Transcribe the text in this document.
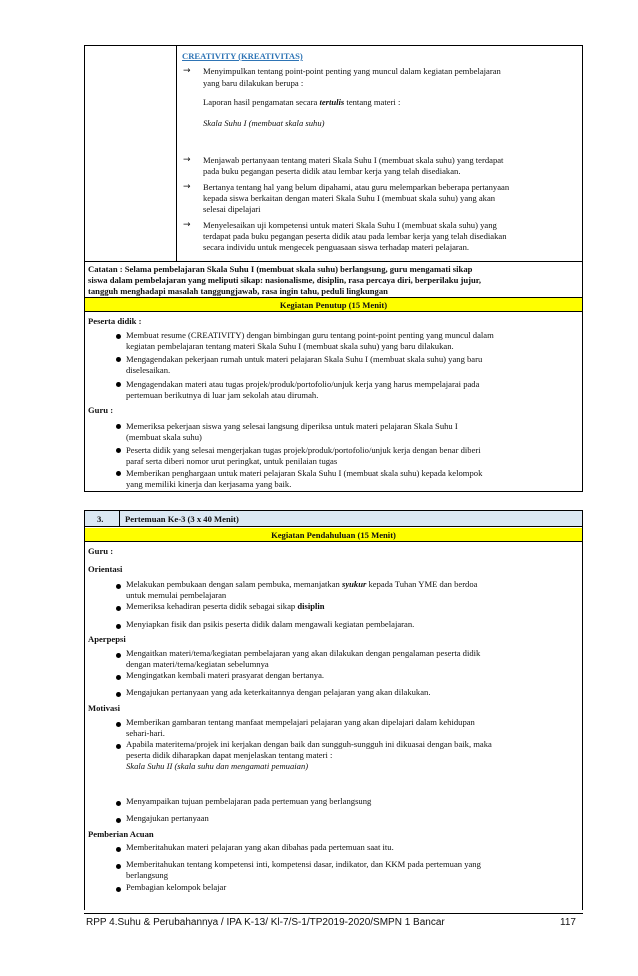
CREATIVITY (KREATIVITAS)
→ Menyimpulkan tentang point-point penting yang muncul dalam kegiatan pembelajaran
yang baru dilakukan berupa :
Laporan hasil pengamatan secara tertulis tentang materi :
Skala Suhu I (membuat skala suhu)
→ Menjawab pertanyaan tentang materi Skala Suhu I (membuat skala suhu) yang terdapat
pada buku pegangan peserta didik atau lembar kerja yang telah disediakan.
→ Bertanya tentang hal yang belum dipahami, atau guru melemparkan beberapa pertanyaan
kepada siswa berkaitan dengan materi Skala Suhu I (membuat skala suhu) yang akan
selesai dipelajari
→ Menyelesaikan uji kompetensi untuk materi Skala Suhu I (membuat skala suhu) yang
terdapat pada buku pegangan peserta didik atau pada lembar kerja yang telah disediakan
secara individu untuk mengecek penguasaan siswa terhadap materi pelajaran.
Catatan : Selama pembelajaran Skala Suhu I (membuat skala suhu) berlangsung, guru mengamati sikap
siswa dalam pembelajaran yang meliputi sikap: nasionalisme, disiplin, rasa percaya diri, berperilaku jujur,
tangguh menghadapi masalah tanggungjawab, rasa ingin tahu, peduli lingkungan
Kegiatan Penutup (15 Menit)
Peserta didik :
Membuat resume (CREATIVITY) dengan bimbingan guru tentang point-point penting yang muncul dalam
kegiatan pembelajaran tentang materi Skala Suhu I (membuat skala suhu) yang baru dilakukan.
Mengagendakan pekerjaan rumah untuk materi pelajaran Skala Suhu I (membuat skala suhu) yang baru
diselesaikan.
Mengagendakan materi atau tugas projek/produk/portofolio/unjuk kerja yang harus mempelajarai pada
pertemuan berikutnya di luar jam sekolah atau dirumah.
Guru :
Memeriksa pekerjaan siswa yang selesai langsung diperiksa untuk materi pelajaran Skala Suhu I
(membuat skala suhu)
Peserta didik yang selesai mengerjakan tugas projek/produk/portofolio/unjuk kerja dengan benar diberi
paraf serta diberi nomor urut peringkat, untuk penilaian tugas
Memberikan penghargaan untuk materi pelajaran Skala Suhu I (membuat skala suhu) kepada kelompok
yang memiliki kinerja dan kerjasama yang baik.
3.	Pertemuan Ke-3 (3 x 40 Menit)
Kegiatan Pendahuluan (15 Menit)
Guru :
Orientasi
Melakukan pembukaan dengan salam pembuka, memanjatkan syukur kepada Tuhan YME dan berdoa
untuk memulai pembelajaran
Memeriksa kehadiran peserta didik sebagai sikap disiplin
Menyiapkan fisik dan psikis peserta didik dalam mengawali kegiatan pembelajaran.
Aperpepsi
Mengaitkan materi/tema/kegiatan pembelajaran yang akan dilakukan dengan pengalaman peserta didik
dengan materi/tema/kegiatan sebelumnya
Mengingatkan kembali materi prasyarat dengan bertanya.
Mengajukan pertanyaan yang ada keterkaitannya dengan pelajaran yang akan dilakukan.
Motivasi
Memberikan gambaran tentang manfaat mempelajari pelajaran yang akan dipelajari dalam kehidupan
sehari-hari.
Apabila materitema/projek ini kerjakan dengan baik dan sungguh-sungguh ini dikuasai dengan baik, maka
peserta didik diharapkan dapat menjelaskan tentang materi :
Skala Suhu II (skala suhu dan mengamati pemuaian)
Menyampaikan tujuan pembelajaran pada pertemuan yang berlangsung
Mengajukan pertanyaan
Pemberian Acuan
Memberitahukan materi pelajaran yang akan dibahas pada pertemuan saat itu.
Memberitahukan tentang kompetensi inti, kompetensi dasar, indikator, dan KKM pada pertemuan yang
berlangsung
Pembagian kelompok belajar
RPP 4.Suhu & Perubahannya / IPA K-13/ Kl-7/S-1/TP2019-2020/SMPN 1 Bancar	117
